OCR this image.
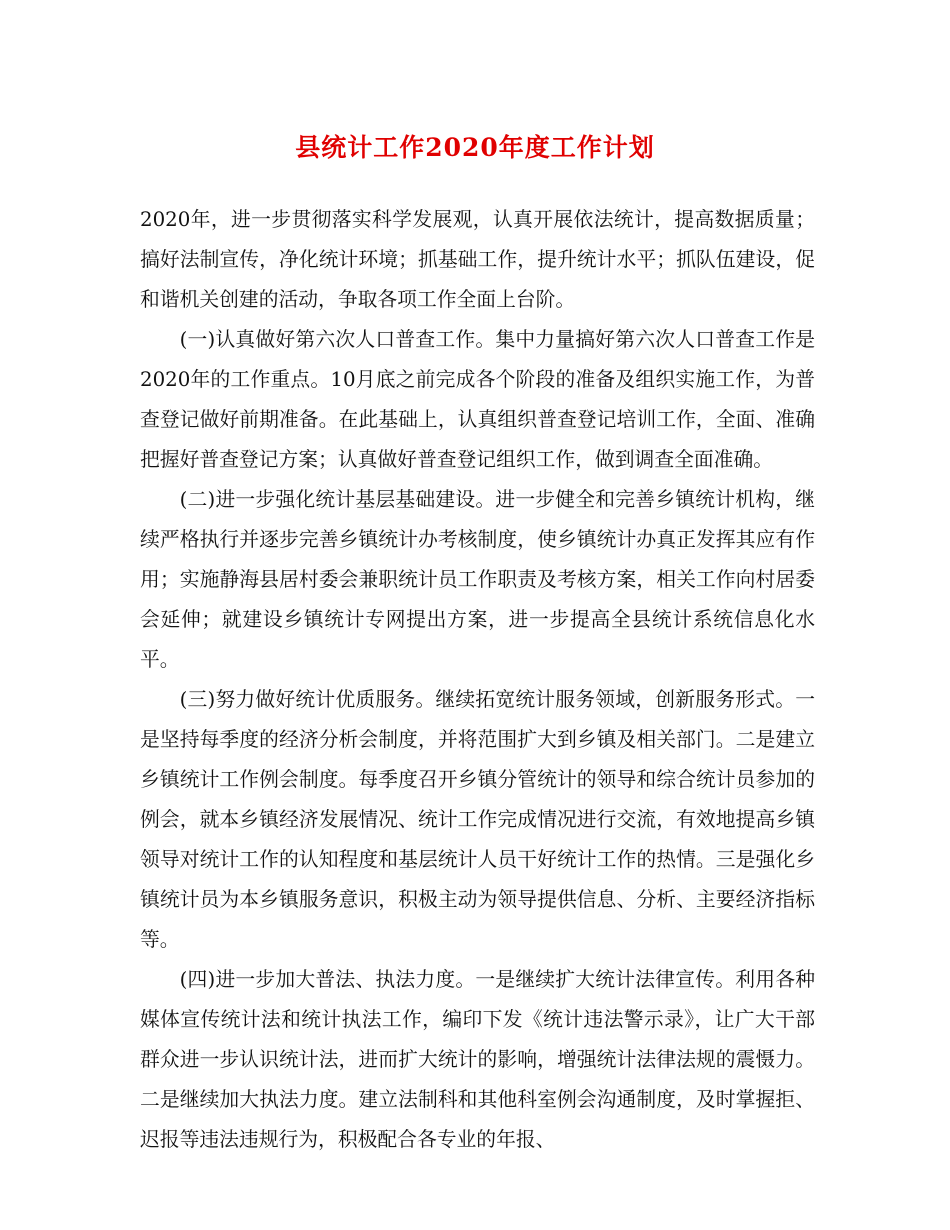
县统计工作2020年度工作计划

2020年，进一步贯彻落实科学发展观，认真开展依法统计，提高数据质量；搞好法制宣传，净化统计环境；抓基础工作，提升统计水平；抓队伍建设，促和谐机关创建的活动，争取各项工作全面上台阶。

(一)认真做好第六次人口普查工作。集中力量搞好第六次人口普查工作是2020年的工作重点。10月底之前完成各个阶段的准备及组织实施工作，为普查登记做好前期准备。在此基础上，认真组织普查登记培训工作，全面、准确把握好普查登记方案；认真做好普查登记组织工作，做到调查全面准确。

(二)进一步强化统计基层基础建设。进一步健全和完善乡镇统计机构，继续严格执行并逐步完善乡镇统计办考核制度，使乡镇统计办真正发挥其应有作用；实施静海县居村委会兼职统计员工作职责及考核方案，相关工作向村居委会延伸；就建设乡镇统计专网提出方案，进一步提高全县统计系统信息化水平。

(三)努力做好统计优质服务。继续拓宽统计服务领域，创新服务形式。一是坚持每季度的经济分析会制度，并将范围扩大到乡镇及相关部门。二是建立乡镇统计工作例会制度。每季度召开乡镇分管统计的领导和综合统计员参加的例会，就本乡镇经济发展情况、统计工作完成情况进行交流，有效地提高乡镇领导对统计工作的认知程度和基层统计人员干好统计工作的热情。三是强化乡镇统计员为本乡镇服务意识，积极主动为领导提供信息、分析、主要经济指标等。

(四)进一步加大普法、执法力度。一是继续扩大统计法律宣传。利用各种媒体宣传统计法和统计执法工作，编印下发《统计违法警示录》，让广大干部群众进一步认识统计法，进而扩大统计的影响，增强统计法律法规的震慑力。二是继续加大执法力度。建立法制科和其他科室例会沟通制度，及时掌握拒、迟报等违法违规行为，积极配合各专业的年报、
